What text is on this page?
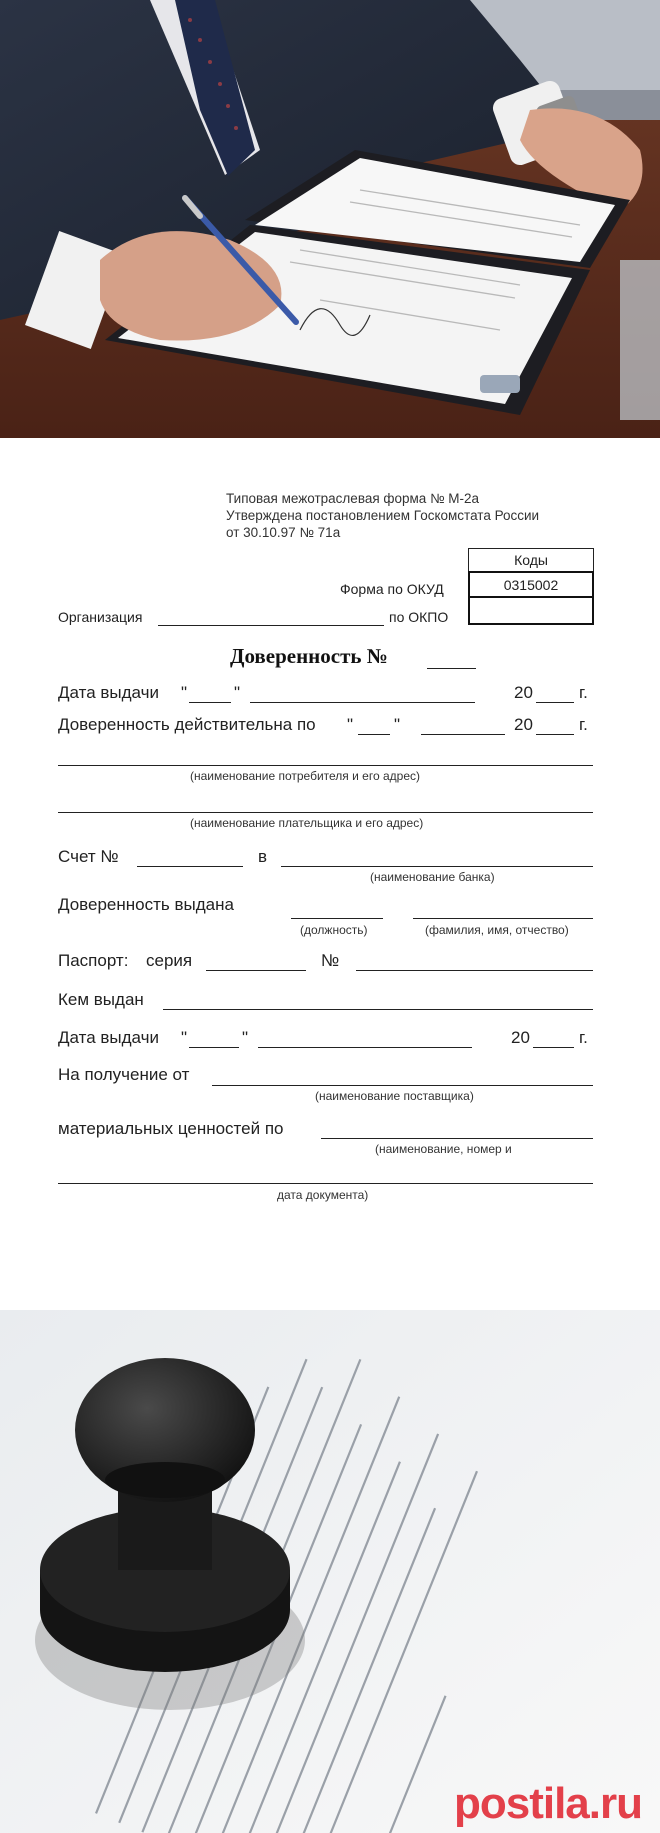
Типовая межотраслевая форма № М-2а
Утверждена постановлением Госкомстата России
от 30.10.97 № 71а
Коды
0315002
Форма по ОКУД
Организация	по ОКПО
Доверенность №
Дата выдачи "	"	20	г.
Доверенность действительна по " "	20	г.
(наименование потребителя и его адрес)
(наименование плательщика и его адрес)
Счет №	в
(наименование банка)
Доверенность выдана
(должность)	(фамилия, имя, отчество)
Паспорт: серия	№
Кем выдан
Дата выдачи "	"	20	г.
На получение от
(наименование поставщика)
материальных ценностей по
(наименование, номер и
дата документа)
postila.ru
